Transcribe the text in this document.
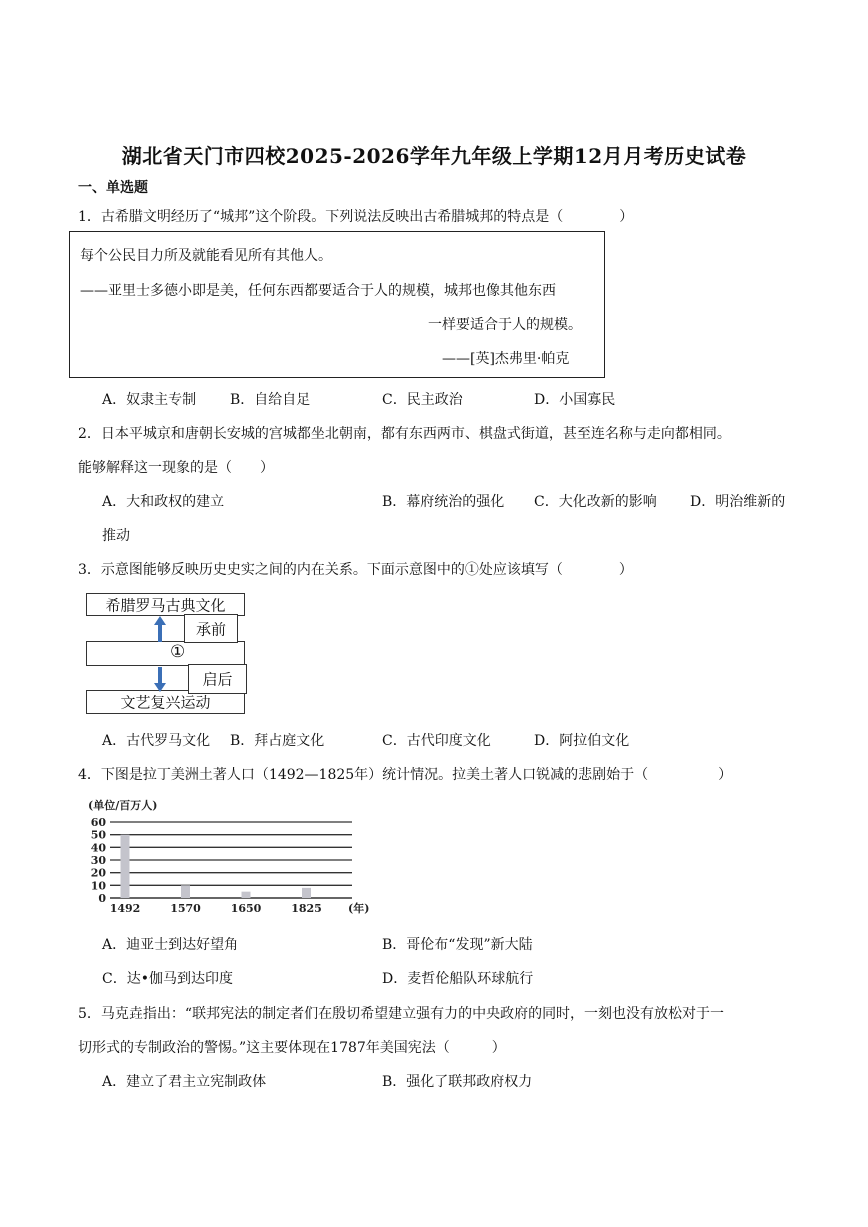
湖北省天门市四校2025-2026学年九年级上学期12月月考历史试卷
一、单选题
1．古希腊文明经历了“城邦”这个阶段。下列说法反映出古希腊城邦的特点是（　　　　）
每个公民目力所及就能看见所有其他人。
——亚里士多德小即是美，任何东西都要适合于人的规模，城邦也像其他东西
一样要适合于人的规模。
——[英]杰弗里·帕克
A．奴隶主专制 B．自给自足	C．民主政治	D．小国寡民
2．日本平城京和唐朝长安城的宫城都坐北朝南，都有东西两市、棋盘式街道，甚至连名称与走向都相同。
能够解释这一现象的是（　　）
A．大和政权的建立	B．幕府统治的强化 C．大化改新的影响 D．明治维新的
推动
3．示意图能够反映历史史实之间的内在关系。下面示意图中的①处应该填写（　　　　）
希腊罗马古典文化
文艺复兴运动
承前
①
启后
A．古代罗马文化 B．拜占庭文化	C．古代印度文化	D．阿拉伯文化
4．下图是拉丁美洲土著人口（1492—1825年）统计情况。拉美土著人口锐减的悲剧始于（　　　　　）
(单位/百万人)
0
10
20
30
40
50
60
1492	1570	1650	1825 (年)
A．迪亚士到达好望角	B．哥伦布“发现”新大陆
C．达•伽马到达印度	D．麦哲伦船队环球航行
5．马克垚指出：“联邦宪法的制定者们在殷切希望建立强有力的中央政府的同时，一刻也没有放松对于一
切形式的专制政治的警惕。”这主要体现在1787年美国宪法（　　　）
A．建立了君主立宪制政体	B．强化了联邦政府权力
